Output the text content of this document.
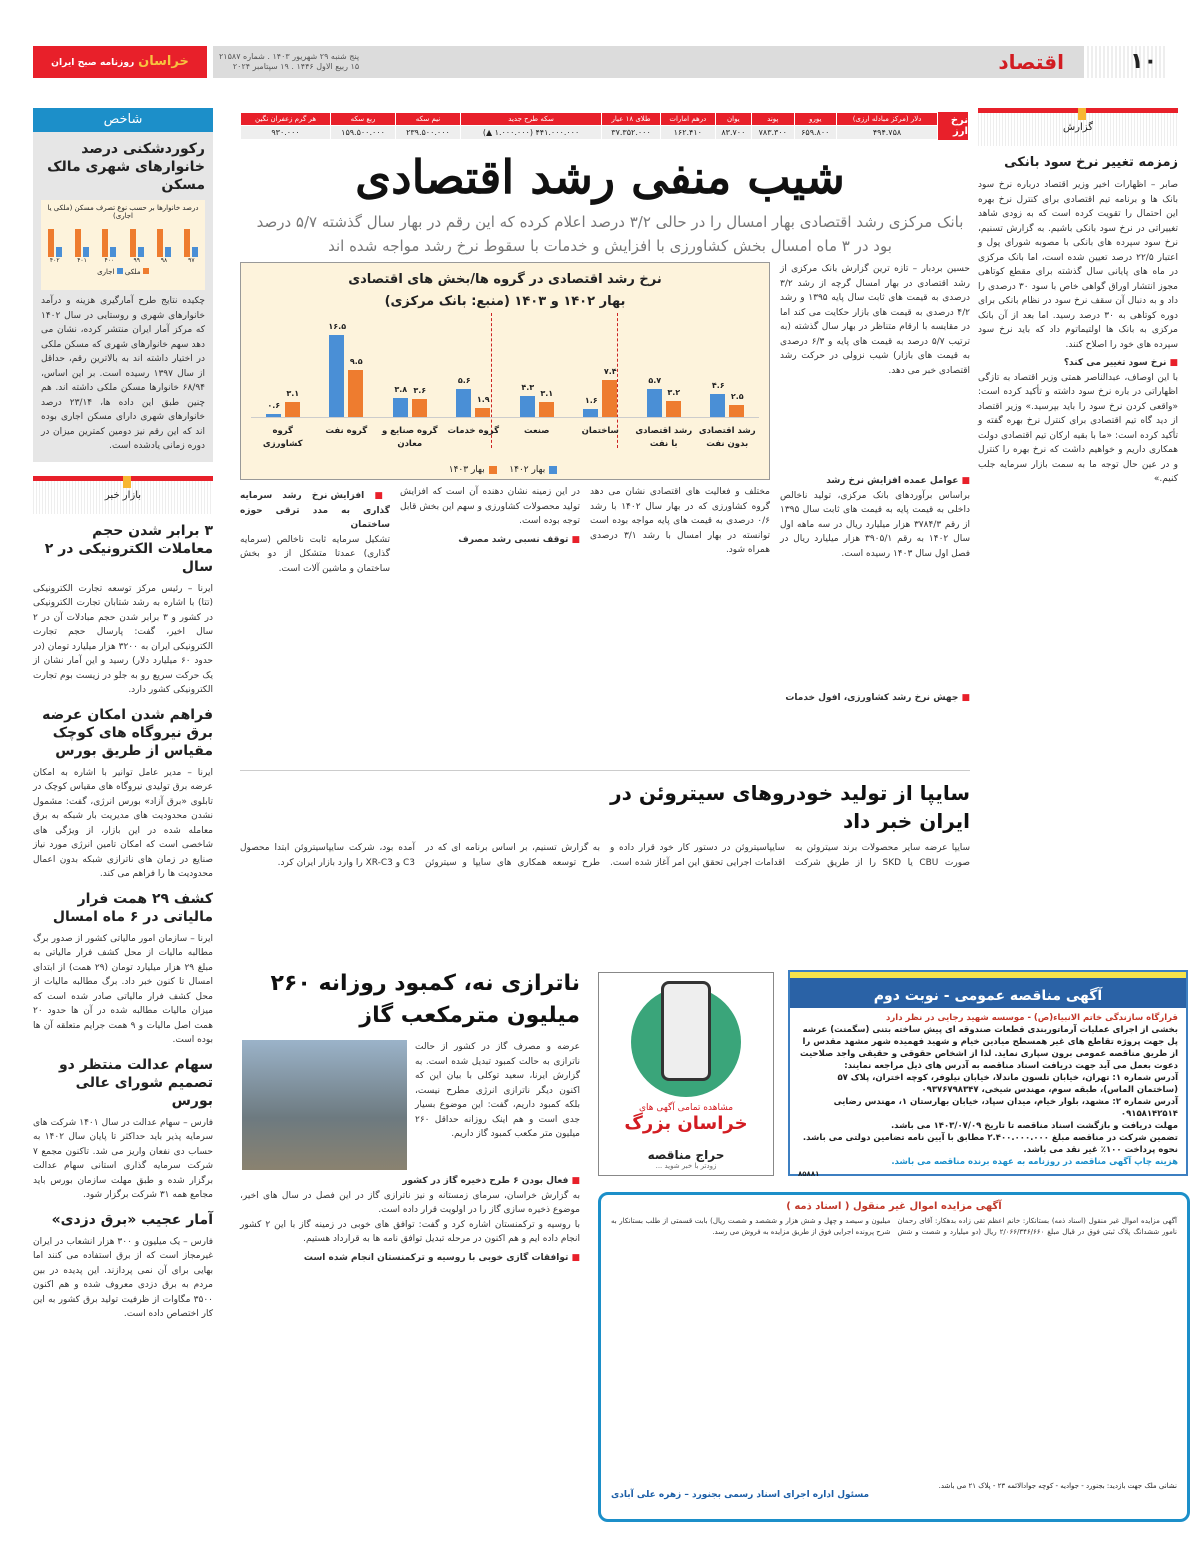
۱۰
اقتصاد
پنج شنبه ۲۹ شهریور ۱۴۰۳ . شماره ۲۱۵۸۷
۱۵ ربیع الاول ۱۴۴۶ . ۱۹ سپتامبر ۲۰۲۴
خراسان روزنامه صبح ایران
نرخ ارز
دلار (مرکز مبادله ارزی)	یورو	پوند	یوان	درهم امارات	طلای ۱۸ عیار	سکه طرح جدید	نیم سکه	ربع سکه	هر گرم زعفران نگین
۴۹۴.۷۵۸	۶۵۹.۸۰۰	۷۸۳.۳۰۰	۸۳.۷۰۰	۱۶۲.۴۱۰	۳۷.۳۵۲.۰۰۰	۴۴۱.۰۰۰.۰۰۰ (۱.۰۰۰.۰۰۰ ▲)	۲۳۹.۵۰۰.۰۰۰	۱۵۹.۵۰۰.۰۰۰	۹۳۰.۰۰۰
شیب منفی رشد اقتصادی
بانک مرکزی رشد اقتصادی بهار امسال را در حالی ۳/۲ درصد اعلام کرده که این رقم در بهار سال گذشته ۵/۷ درصد بود در ۳ ماه امسال بخش کشاورزی با افزایش و خدمات با سقوط نرخ رشد مواجه شده اند
نرخ رشد اقتصادی در گروه ها/بخش های اقتصادی
بهار ۱۴۰۲ و ۱۴۰۳ (منبع: بانک مرکزی)
۴.۶
۲.۵
۵.۷
۳.۲
۱.۶
۷.۴
۴.۳
۳.۱
۵.۶
۱.۹
۳.۸ ۳.۶
۱۶.۵
۹.۵
۰.۶
۳.۱
رشد اقتصادی بدون نفت
رشد اقتصادی با نفت
ساختمان
صنعت
گروه خدمات
گروه صنایع و معادن
گروه نفت
گروه کشاورزی
بهار ۱۴۰۲   بهار ۱۴۰۳
حسین بردبار – تازه ترین گزارش بانک مرکزی از رشد اقتصادی در بهار امسال گرچه از رشد ۳/۲ درصدی به قیمت های ثابت سال پایه ۱۳۹۵ و رشد ۴/۲ درصدی به قیمت های بازار حکایت می کند اما در مقایسه با ارقام متناظر در بهار سال گذشته (به ترتیب ۵/۷ درصد به قیمت های پایه و ۶/۳ درصدی به قیمت های بازار) شیب نزولی در حرکت رشد اقتصادی خبر می دهد.
■ عوامل عمده افزایش نرخ رشد
براساس برآوردهای بانک مرکزی، تولید ناخالص داخلی به قیمت پایه به قیمت های ثابت سال ۱۳۹۵ از رقم ۳۷۸۴/۳ هزار میلیارد ریال در سه ماهه اول سال ۱۴۰۲ به رقم ۳۹۰۵/۱ هزار میلیارد ریال در فصل اول سال ۱۴۰۳ رسیده است.
■ جهش نرخ رشد کشاورزی، افول خدمات
مختلف و فعالیت های اقتصادی نشان می دهد گروه کشاورزی که در بهار سال ۱۴۰۲ با رشد ۰/۶ درصدی به قیمت های پایه مواجه بوده است توانسته در بهار امسال با رشد ۳/۱ درصدی همراه شود.
در این زمینه نشان دهنده آن است که افزایش تولید محصولات کشاورزی و سهم این بخش قابل توجه بوده است.
■ توقف نسبی رشد مصرف
■ افزایش نرخ رشد سرمایه گذاری به مدد ترقی حوزه ساختمان
تشکیل سرمایه ثابت ناخالص (سرمایه گذاری) عمدتا متشکل از دو بخش ساختمان و ماشین آلات است.
گزارش
زمزمه تغییر نرخ سود بانکی
صابر – اظهارات اخیر وزیر اقتصاد درباره نرخ سود بانک ها و برنامه تیم اقتصادی برای کنترل نرخ بهره این احتمال را تقویت کرده است که به زودی شاهد تغییراتی در نرخ سود بانکی باشیم. به گزارش تسنیم، نرخ سود سپرده های بانکی با مصوبه شورای پول و اعتبار ۲۲/۵ درصد تعیین شده است، اما بانک مرکزی در ماه های پایانی سال گذشته برای مقطع کوتاهی مجوز انتشار اوراق گواهی خاص با سود ۳۰ درصدی را داد و به دنبال آن سقف نرخ سود در نظام بانکی برای دوره کوتاهی به ۳۰ درصد رسید. اما بعد از آن بانک مرکزی به بانک ها اولتیماتوم داد که باید نرخ سود سپرده های خود را اصلاح کنند.
■ نرخ سود تغییر می کند؟
با این اوصاف، عبدالناصر همتی وزیر اقتصاد به تازگی اظهاراتی در باره نرخ سود داشته و تأکید کرده است: «واقعی کردن نرخ سود را باید بپرسید.» وزیر اقتصاد از دید گاه تیم اقتصادی برای کنترل نرخ بهره گفته و تأکید کرده است: «ما با بقیه ارکان تیم اقتصادی دولت همکاری داریم و خواهیم داشت که نرخ بهره را کنترل و در عین حال توجه ما به سمت بازار سرمایه جلب کنیم.»
شاخص
رکوردشکنی درصد خانوارهای شهری مالک مسکن
درصد خانوارها بر حسب نوع تصرف مسکن (ملکی یا اجاری)
۹۷
۹۸
۹۹
۴۰۰
۴۰۱
۴۰۲
ملکی  اجاری
چکیده نتایج طرح آمارگیری هزینه و درآمد خانوارهای شهری و روستایی در سال ۱۴۰۲ که مرکز آمار ایران منتشر کرده، نشان می دهد سهم خانوارهای شهری که مسکن ملکی در اختیار داشته اند به بالاترین رقم، حداقل از سال ۱۳۹۷ رسیده است. بر این اساس، ۶۸/۹۴ خانوارها مسکن ملکی داشته اند. هم چنین طبق این داده ها، ۲۳/۱۴ درصد خانوارهای شهری دارای مسکن اجاری بوده اند که این رقم نیز دومین کمترین میزان در دوره زمانی یادشده است.
بازار خبر
۳ برابر شدن حجم معاملات الکترونیکی در ۲ سال
ایرنا – رئیس مرکز توسعه تجارت الکترونیکی (تتا) با اشاره به رشد شتابان تجارت الکترونیکی در کشور و ۳ برابر شدن حجم مبادلات آن در ۲ سال اخیر، گفت: پارسال حجم تجارت الکترونیکی ایران به ۳۲۰۰ هزار میلیارد تومان (در حدود ۶۰ میلیارد دلار) رسید و این آمار نشان از یک حرکت سریع رو به جلو در زیست بوم تجارت الکترونیکی کشور دارد.
فراهم شدن امکان عرضه برق نیروگاه های کوچک مقیاس از طریق بورس
ایرنا – مدیر عامل توانیر با اشاره به امکان عرضه برق تولیدی نیروگاه های مقیاس کوچک در تابلوی «برق آزاد» بورس انرژی، گفت: مشمول نشدن محدودیت های مدیریت بار شبکه به برق معامله شده در این بازار، از ویژگی های شاخصی است که امکان تامین انرژی مورد نیاز صنایع در زمان های ناترازی شبکه بدون اعمال محدودیت ها را فراهم می کند.
کشف ۲۹ همت فرار مالیاتی در ۶ ماه امسال
ایرنا – سازمان امور مالیاتی کشور از صدور برگ مطالبه مالیات از محل کشف فرار مالیاتی به مبلغ ۲۹ هزار میلیارد تومان (۲۹ همت) از ابتدای امسال تا کنون خبر داد. برگ مطالبه مالیات از محل کشف فرار مالیاتی صادر شده است که میزان مالیات مطالبه شده در آن ها حدود ۲۰ همت اصل مالیات و ۹ همت جرایم متعلقه آن ها بوده است.
سهام عدالت منتظر دو تصمیم شورای عالی بورس
فارس – سهام عدالت در سال ۱۴۰۱ شرکت های سرمایه پذیر باید حداکثر تا پایان سال ۱۴۰۲ به حساب دی نفعان واریز می شد. تاکنون مجمع ۷ شرکت سرمایه گذاری استانی سهام عدالت برگزار شده و طبق مهلت سازمان بورس باید مجامع همه ۳۱ شرکت برگزار شود.
آمار عجیب «برق دزدی»
فارس – یک میلیون و ۳۰۰ هزار انشعاب در ایران غیرمجاز است که از برق استفاده می کنند اما بهایی برای آن نمی پردازند. این پدیده در بین مردم به برق دزدی معروف شده و هم اکنون ۳۵۰۰ مگاوات از ظرفیت تولید برق کشور به این کار اختصاص داده است.
سایپا از تولید خودروهای سیتروئن در ایران خبر داد
سایپا عرضه سایر محصولات برند سیتروئن به صورت CBU یا SKD را از طریق شرکت سایپاسیتروئن در دستور کار خود قرار داده و اقدامات اجرایی تحقق این امر آغاز شده است. به گزارش تسنیم، بر اساس برنامه ای که در طرح توسعه همکاری های سایپا و سیتروئن آمده بود، شرکت سایپاسیتروئن ابتدا محصول C3 و XR-C3 را وارد بازار ایران کرد.
ناترازی نه، کمبود روزانه ۲۶۰ میلیون مترمکعب گاز
عرضه و مصرف گاز در کشور از حالت ناترازی به حالت کمبود تبدیل شده است. به گزارش ایرنا، سعید توکلی با بیان این که اکنون دیگر ناترازی انرژی مطرح نیست، بلکه کمبود داریم، گفت: این موضوع بسیار جدی است و هم اینک روزانه حداقل ۲۶۰ میلیون متر مکعب کمبود گاز داریم.
■ فعال بودن ۶ طرح ذخیره گاز در کشور
به گزارش خراسان، سرمای زمستانه و نیز ناترازی گاز در این فصل در سال های اخیر، موضوع ذخیره سازی گاز را در اولویت قرار داده است.
با روسیه و ترکمنستان اشاره کرد و گفت: توافق های خوبی در زمینه گاز با این ۲ کشور انجام داده ایم و هم اکنون در مرحله تبدیل توافق نامه ها به قرارداد هستیم.
■ توافقات گازی خوبی با روسیه و ترکمنستان انجام شده است
مشاهده تمامی آگهی های
خراسان بزرگ
حراج مناقصه
زودتر با خبر شوید ...
آگهی مناقصه عمومی - نوبت دوم
قرارگاه سازندگی خاتم الانبیاء(ص) - موسسه شهید رجایی در نظر دارد
بخشی از اجرای عملیات آرماتوربندی قطعات صندوقه ای پیش ساخته بتنی (سگمنت) عرشه پل جهت پروژه تقاطع های غیر همسطح میادین خیام و شهید فهمیده شهر مشهد مقدس را از طریق مناقصه عمومی برون سپاری نماید. لذا از اشخاص حقوقی و حقیقی واجد صلاحیت دعوت بعمل می آید جهت دریافت اسناد مناقصه به آدرس های ذیل مراجعه نمایند:
آدرس شماره ۱: تهران، خیابان تلسون ماندلا، خیابان نیلوفر، کوچه اختران، پلاک ۵۷ (ساختمان الماس)، طبقه سوم، مهندس شیخی، ۰۹۳۷۶۷۹۸۳۴۷
آدرس شماره ۲: مشهد، بلوار خیام، میدان سپاد، خیابان بهارستان ۱، مهندس رضایی ۰۹۱۵۸۱۴۲۵۱۴
مهلت دریافت و بازگشت اسناد مناقصه تا تاریخ ۱۴۰۳/۰۷/۰۹ می باشد.
تضمین شرکت در مناقصه مبلغ ۲.۴۰۰.۰۰۰.۰۰۰ مطابق با آیین نامه تضامین دولتی می باشد.
نحوه پرداخت ۱۰۰٪ غیر نقد می باشد.
هزینه چاپ آگهی مناقصه در روزنامه به عهده برنده مناقصه می باشد.
۸۵۸۸۱
آگهی مزایده اموال غیر منقول ( اسناد ذمه )
آگهی مزایده اموال غیر منقول (اسناد ذمه) بستانکار: خانم اعظم تقی زاده بدهکار: آقای رحمان نامور ششدانگ پلاک ثبتی فوق در قبال مبلغ ۲/۰۶۶/۳۴۶/۶۶۰ ریال (دو میلیارد و شصت و شش میلیون و سیصد و چهل و شش هزار و ششصد و شصت ریال) بابت قسمتی از طلب بستانکار به شرح پرونده اجرایی فوق از طریق مزایده به فروش می رسد.
نشانی ملک جهت بازدید: بجنورد - جوادیه - کوچه جوادالائمه ۲۳ - پلاک ۲۱ می باشد.
مسئول اداره اجرای اسناد رسمی بجنورد – زهره علی آبادی
